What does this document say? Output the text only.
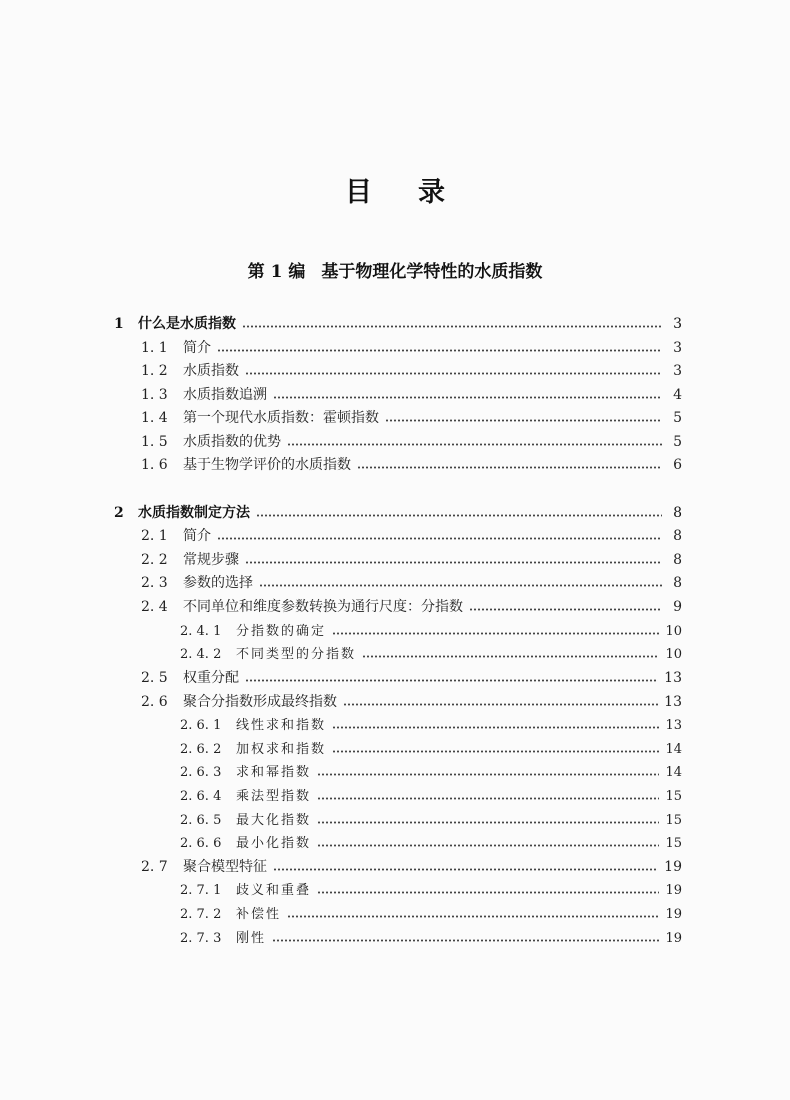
目录
第 1 编 基于物理化学特性的水质指数
1	什么是水质指数	3
1. 1	简介	3
1. 2	水质指数	3
1. 3	水质指数追溯	4
1. 4	第一个现代水质指数：霍顿指数	5
1. 5	水质指数的优势	5
1. 6	基于生物学评价的水质指数	6
2	水质指数制定方法	8
2. 1	简介	8
2. 2	常规步骤	8
2. 3	参数的选择	8
2. 4	不同单位和维度参数转换为通行尺度：分指数	9
2. 4. 1	分指数的确定	10
2. 4. 2	不同类型的分指数	10
2. 5	权重分配	13
2. 6	聚合分指数形成最终指数	13
2. 6. 1	线性求和指数	13
2. 6. 2	加权求和指数	14
2. 6. 3	求和幂指数	14
2. 6. 4	乘法型指数	15
2. 6. 5	最大化指数	15
2. 6. 6	最小化指数	15
2. 7	聚合模型特征	19
2. 7. 1	歧义和重叠	19
2. 7. 2	补偿性	19
2. 7. 3	刚性	19
